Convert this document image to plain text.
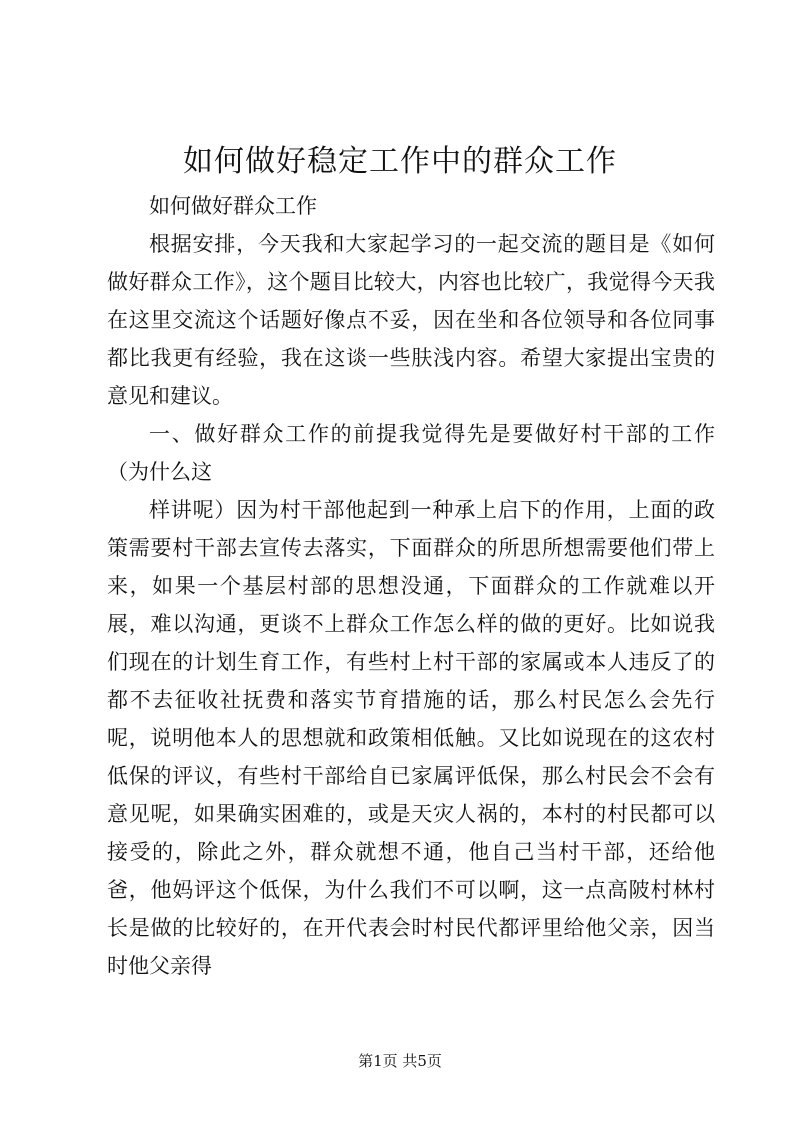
如何做好稳定工作中的群众工作

如何做好群众工作

根据安排，今天我和大家起学习的一起交流的题目是《如何做好群众工作》，这个题目比较大，内容也比较广，我觉得今天我在这里交流这个话题好像点不妥，因在坐和各位领导和各位同事都比我更有经验，我在这谈一些肤浅内容。希望大家提出宝贵的意见和建议。

一、做好群众工作的前提我觉得先是要做好村干部的工作（为什么这

样讲呢）因为村干部他起到一种承上启下的作用，上面的政策需要村干部去宣传去落实，下面群众的所思所想需要他们带上来，如果一个基层村部的思想没通，下面群众的工作就难以开展，难以沟通，更谈不上群众工作怎么样的做的更好。比如说我们现在的计划生育工作，有些村上村干部的家属或本人违反了的都不去征收社抚费和落实节育措施的话，那么村民怎么会先行呢，说明他本人的思想就和政策相低触。又比如说现在的这农村低保的评议，有些村干部给自已家属评低保，那么村民会不会有意见呢，如果确实困难的，或是天灾人祸的，本村的村民都可以接受的，除此之外，群众就想不通，他自己当村干部，还给他爸，他妈评这个低保，为什么我们不可以啊，这一点高陂村林村长是做的比较好的，在开代表会时村民代都评里给他父亲，因当时他父亲得

第1页 共5页
